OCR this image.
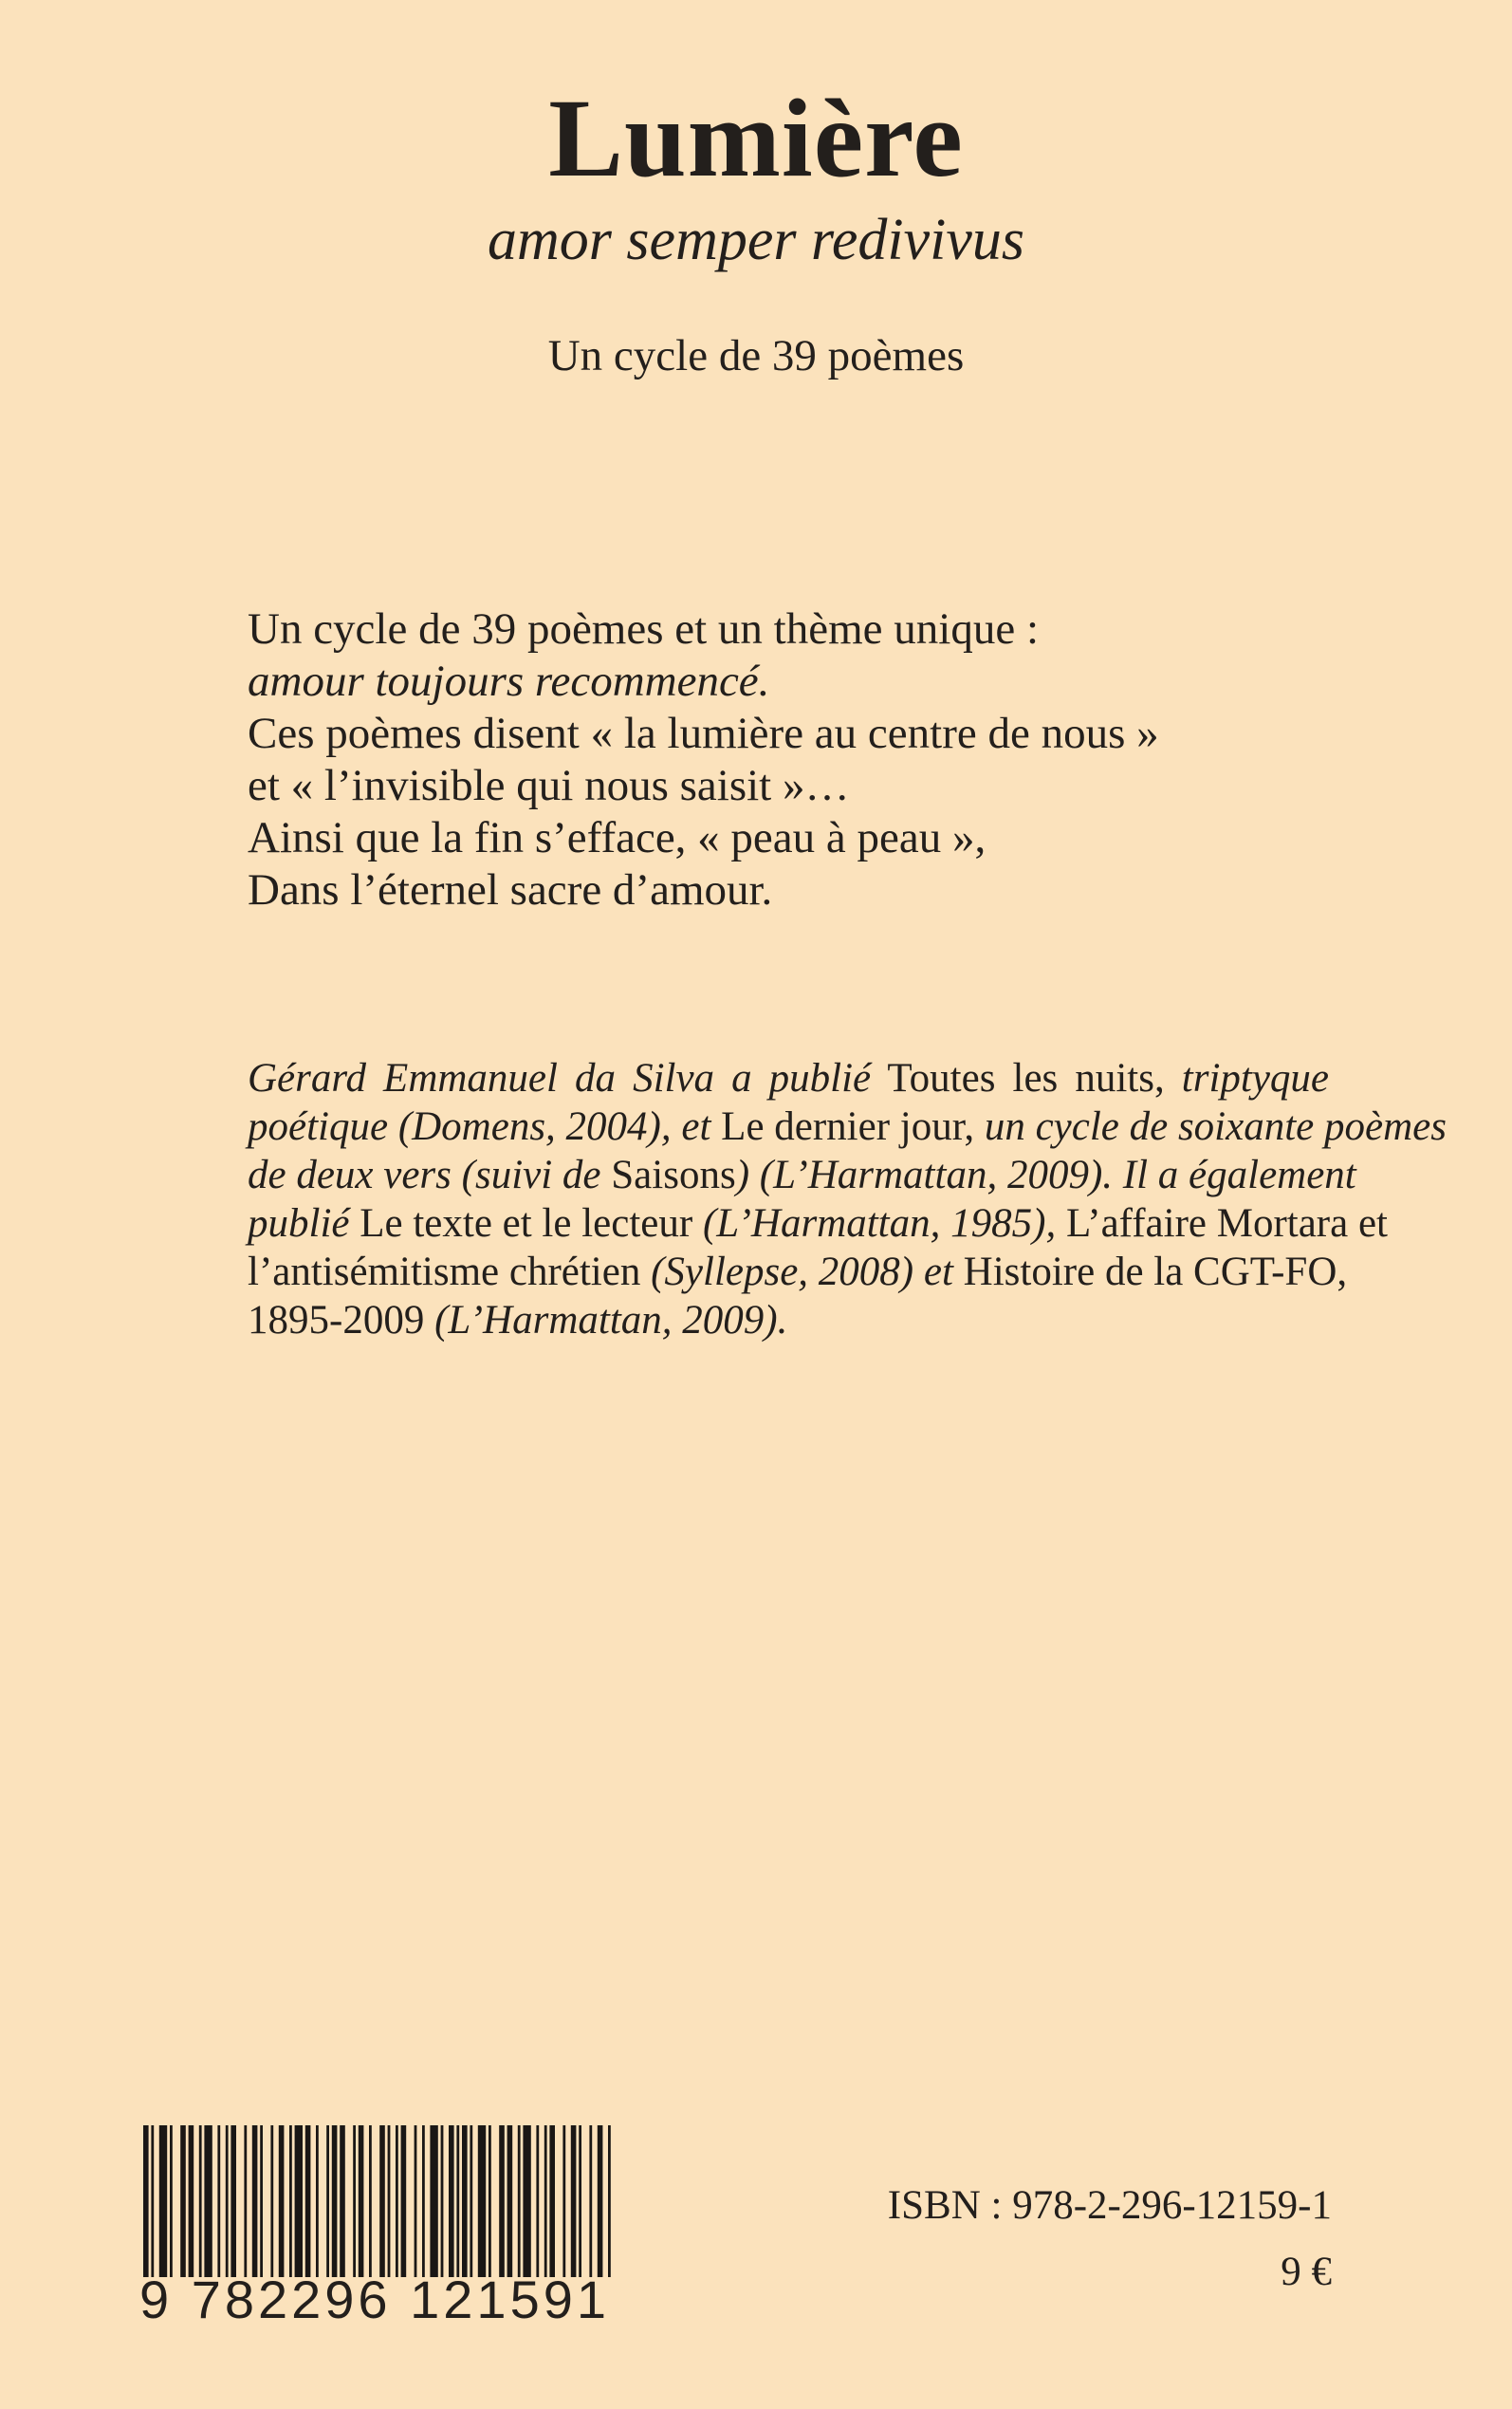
Lumière
amor semper redivivus
Un cycle de 39 poèmes
Un cycle de 39 poèmes et un thème unique :
amour toujours recommencé.
Ces poèmes disent « la lumière au centre de nous »
et « l’invisible qui nous saisit »…
Ainsi que la fin s’efface, « peau à peau »,
Dans l’éternel sacre d’amour.
Gérard Emmanuel da Silva a publié Toutes les nuits, triptyque
poétique (Domens, 2004), et Le dernier jour, un cycle de soixante poèmes
de deux vers (suivi de Saisons) (L’Harmattan, 2009). Il a également
publié Le texte et le lecteur (L’Harmattan, 1985), L’affaire Mortara et
l’antisémitisme chrétien (Syllepse, 2008) et Histoire de la CGT-FO,
1895-2009 (L’Harmattan, 2009).
9 782296 121591
ISBN : 978-2-296-12159-1
9 €
